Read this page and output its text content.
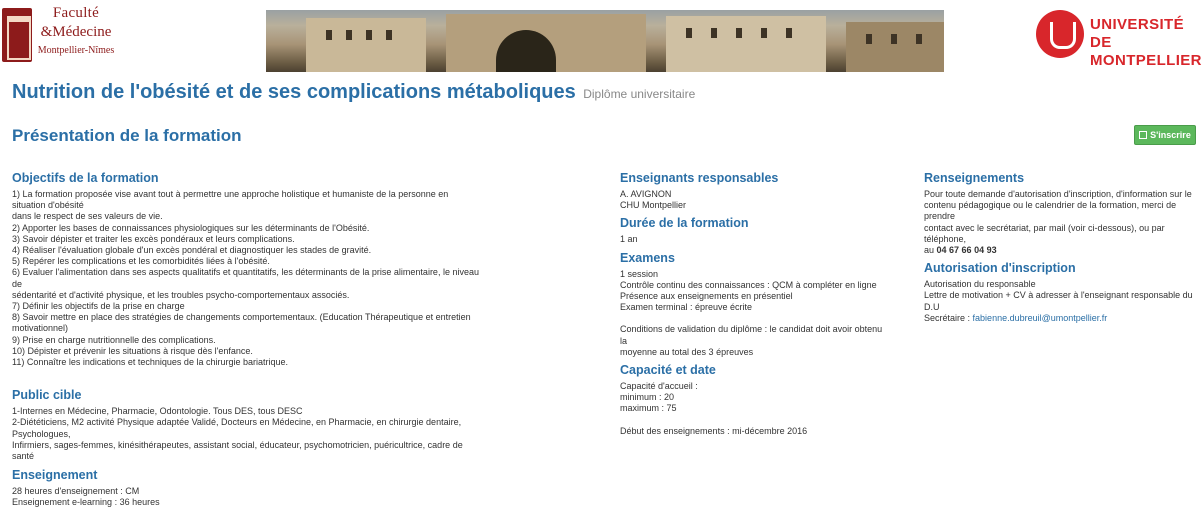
Faculté
&Médecine
Montpellier-Nîmes
UNIVERSITÉ
DE MONTPELLIER
Nutrition de l'obésité et de ses complications métaboliques Diplôme universitaire
Présentation de la formation	S'inscrire
Objectifs de la formation
1) La formation proposée vise avant tout à permettre une approche holistique et humaniste de la personne en situation d'obésité
dans le respect de ses valeurs de vie.
2) Apporter les bases de connaissances physiologiques sur les déterminants de l'Obésité.
3) Savoir dépister et traiter les excès pondéraux et leurs complications.
4) Réaliser l'évaluation globale d'un excès pondéral et diagnostiquer les stades de gravité.
5) Repérer les complications et les comorbidités liées à l'obésité.
6) Evaluer l'alimentation dans ses aspects qualitatifs et quantitatifs, les déterminants de la prise alimentaire, le niveau de
sédentarité et d'activité physique, et les troubles psycho-comportementaux associés.
7) Définir les objectifs de la prise en charge
8) Savoir mettre en place des stratégies de changements comportementaux. (Education Thérapeutique et entretien
motivationnel)
9) Prise en charge nutritionnelle des complications.
10) Dépister et prévenir les situations à risque dès l'enfance.
11) Connaître les indications et techniques de la chirurgie bariatrique.
Public cible
1-Internes en Médecine, Pharmacie, Odontologie. Tous DES, tous DESC
2-Diététiciens, M2 activité Physique adaptée Validé, Docteurs en Médecine, en Pharmacie, en chirurgie dentaire, Psychologues,
Infirmiers, sages-femmes, kinésithérapeutes, assistant social, éducateur, psychomotricien, puéricultrice, cadre de santé
Enseignement
28 heures d'enseignement : CM
Enseignement e-learning : 36 heures
Enseignants responsables
A. AVIGNON
CHU Montpellier
Durée de la formation
1 an
Examens
1 session
Contrôle continu des connaissances : QCM à compléter en ligne
Présence aux enseignements en présentiel
Examen terminal : épreuve écrite
Conditions de validation du diplôme : le candidat doit avoir obtenu la
moyenne au total des 3 épreuves
Capacité et date
Capacité d'accueil :
minimum : 20
maximum : 75
Début des enseignements : mi-décembre 2016
Renseignements
Pour toute demande d'autorisation d'inscription, d'information sur le
contenu pédagogique ou le calendrier de la formation, merci de prendre
contact avec le secrétariat, par mail (voir ci-dessous), ou par téléphone,
au 04 67 66 04 93
Autorisation d'inscription
Autorisation du responsable
Lettre de motivation + CV à adresser à l'enseignant responsable du D.U
Secrétaire : fabienne.dubreuil@umontpellier.fr
